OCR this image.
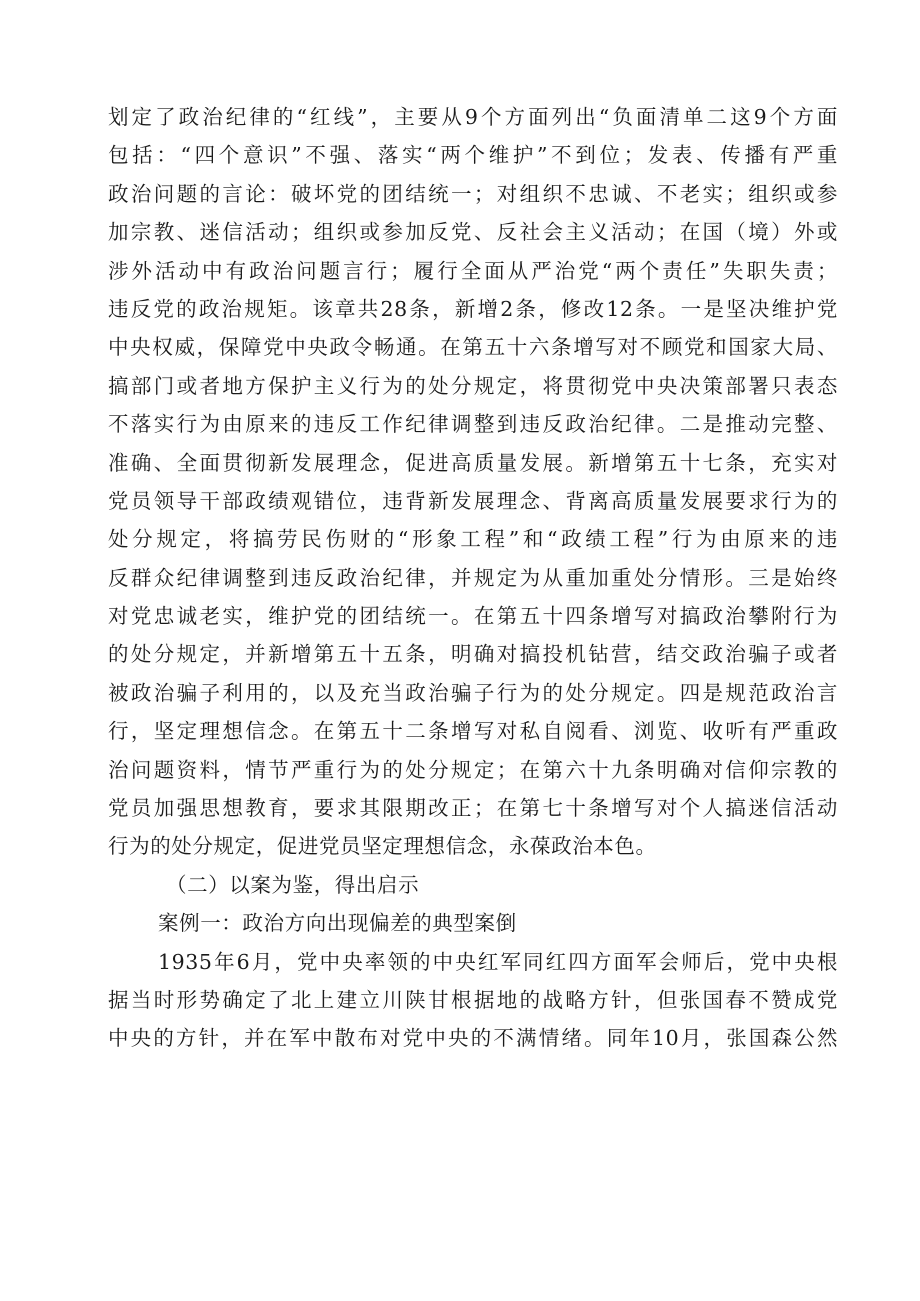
划定了政治纪律的“红线”，主要从9个方面列出“负面清单二这9个方面
包括：“四个意识”不强、落实“两个维护”不到位；发表、传播有严重
政治问题的言论：破坏党的团结统一；对组织不忠诚、不老实；组织或参
加宗教、迷信活动；组织或参加反党、反社会主义活动；在国（境）外或
涉外活动中有政治问题言行；履行全面从严治党“两个责任”失职失责；
违反党的政治规矩。该章共28条，新增2条，修改12条。一是坚决维护党
中央权威，保障党中央政令畅通。在第五十六条增写对不顾党和国家大局、
搞部门或者地方保护主义行为的处分规定，将贯彻党中央决策部署只表态
不落实行为由原来的违反工作纪律调整到违反政治纪律。二是推动完整、
准确、全面贯彻新发展理念，促进高质量发展。新增第五十七条，充实对
党员领导干部政绩观错位，违背新发展理念、背离高质量发展要求行为的
处分规定，将搞劳民伤财的“形象工程”和“政绩工程”行为由原来的违
反群众纪律调整到违反政治纪律，并规定为从重加重处分情形。三是始终
对党忠诚老实，维护党的团结统一。在第五十四条增写对搞政治攀附行为
的处分规定，并新增第五十五条，明确对搞投机钻营，结交政治骗子或者
被政治骗子利用的，以及充当政治骗子行为的处分规定。四是规范政治言
行，坚定理想信念。在第五十二条增写对私自阅看、浏览、收听有严重政
治问题资料，情节严重行为的处分规定；在第六十九条明确对信仰宗教的
党员加强思想教育，要求其限期改正；在第七十条增写对个人搞迷信活动
行为的处分规定，促进党员坚定理想信念，永葆政治本色。
（二）以案为鉴，得出启示
案例一：政治方向出现偏差的典型案倒
1935年6月，党中央率领的中央红军同红四方面军会师后，党中央根
据当时形势确定了北上建立川陕甘根据地的战略方针，但张国春不赞成党
中央的方针，并在军中散布对党中央的不满情绪。同年10月，张国森公然
